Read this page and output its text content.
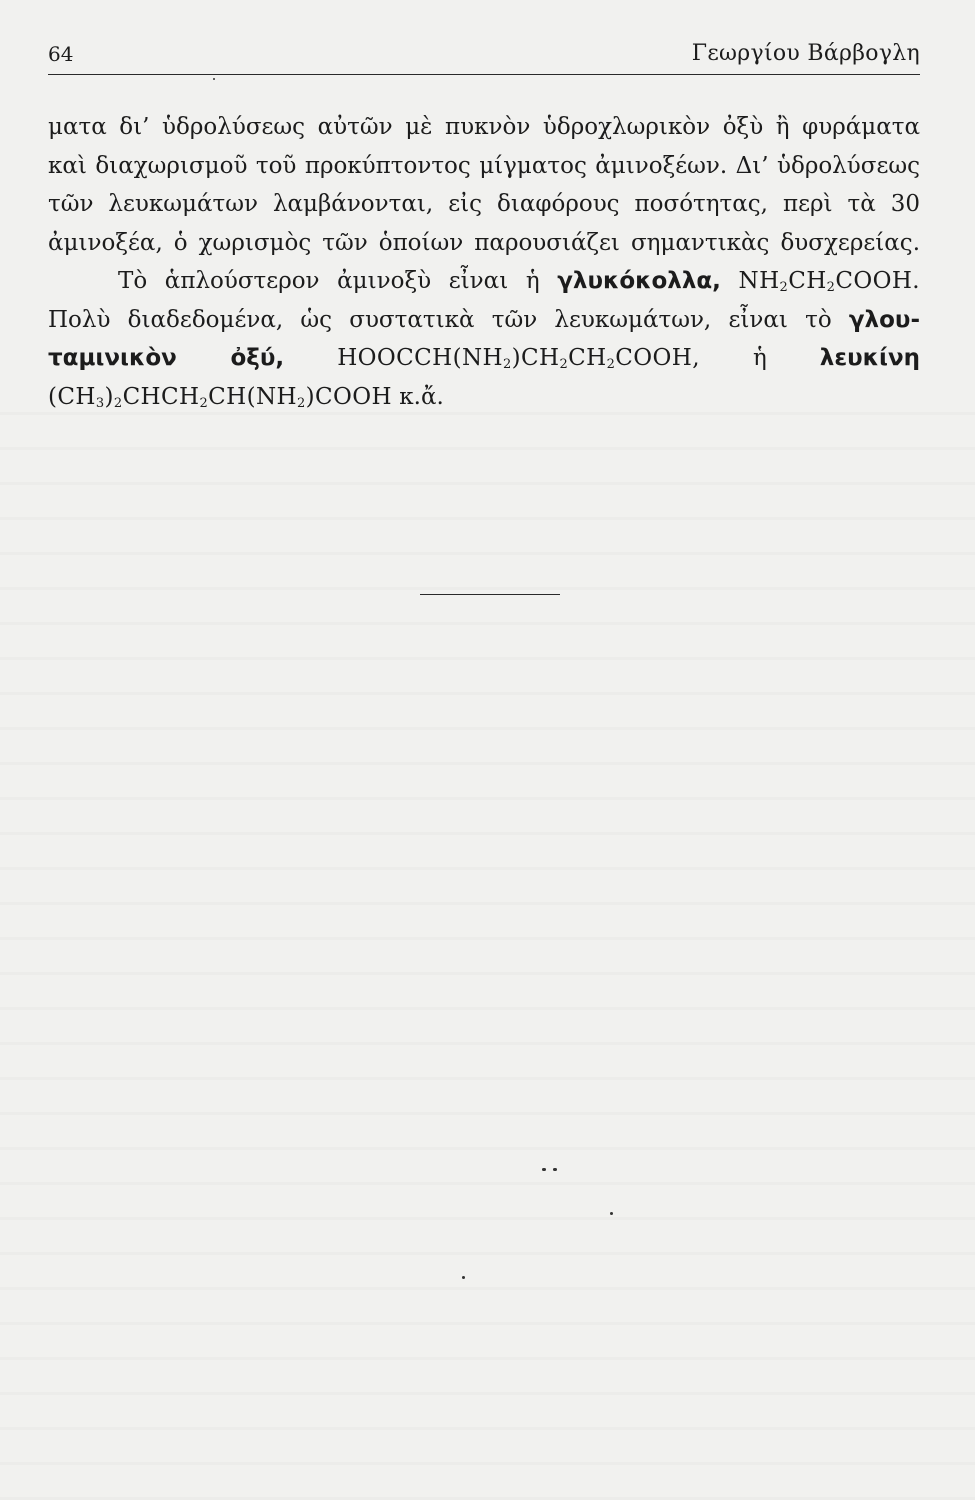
64	Γεωργίου Βάρβογλη
ματα δι’ ὑδρολύσεως αὐτῶν μὲ πυκνὸν ὑδροχλωρικὸν ὀξὺ ἢ φυράματα
καὶ διαχωρισμοῦ τοῦ προκύπτοντος μίγματος ἀμινοξέων. Δι’ ὑδρολύσεως
τῶν λευκωμάτων λαμβάνονται, εἰς διαφόρους ποσότητας, περὶ τὰ 30
ἀμινοξέα, ὁ χωρισμὸς τῶν ὁποίων παρουσιάζει σημαντικὰς δυσχερείας.
Τὸ ἁπλούστερον ἀμινοξὺ εἶναι ἡ γλυκόκολλα, $NH_2CH_2COOH$.
Πολὺ διαδεδομένα, ὡς συστατικὰ τῶν λευκωμάτων, εἶναι τὸ γλου-
ταμινικὸν ὀξύ, $HOOCCH(NH_2)CH_2CH_2COOH$, ἡ λευκίνη
$(CH_3)_2CHCH_2CH(NH_2)COOH$ κ.ἄ.
